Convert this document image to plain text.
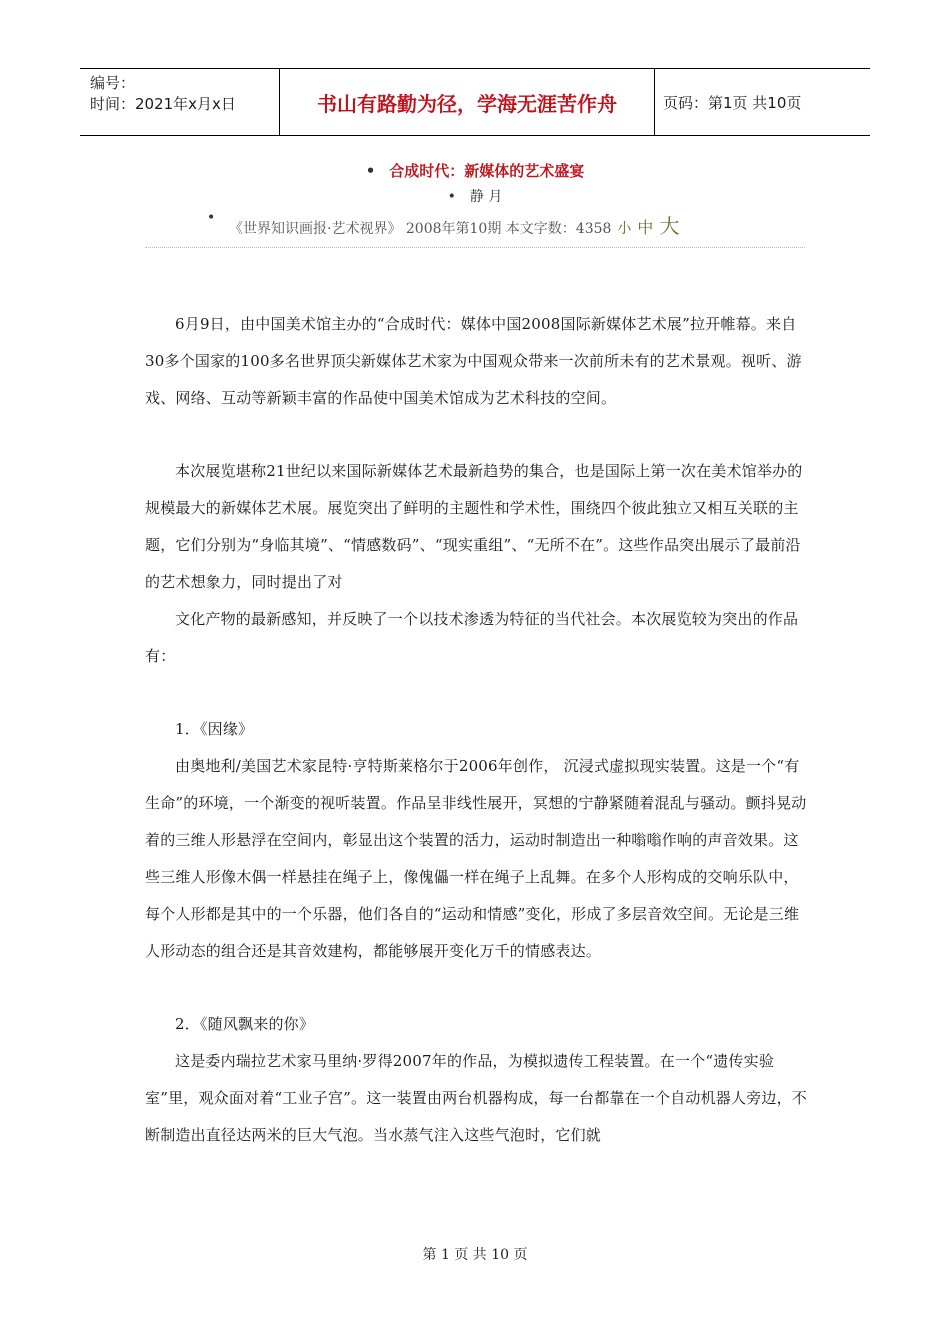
编号：
时间：2021年x月x日	书山有路勤为径，学海无涯苦作舟	页码：第1页 共10页
• 合成时代：新媒体的艺术盛宴
• 静 月
•
《世界知识画报·艺术视界》 2008年第10期 本文字数：4358 小 中 大

6月9日，由中国美术馆主办的“合成时代：媒体中国2008国际新媒体艺术展”拉开帷幕。来自30多个国家的100多名世界顶尖新媒体艺术家为中国观众带来一次前所未有的艺术景观。视听、游戏、网络、互动等新颖丰富的作品使中国美术馆成为艺术科技的空间。

本次展览堪称21世纪以来国际新媒体艺术最新趋势的集合，也是国际上第一次在美术馆举办的规模最大的新媒体艺术展。展览突出了鲜明的主题性和学术性，围绕四个彼此独立又相互关联的主题，它们分别为“身临其境”、“情感数码”、“现实重组”、“无所不在”。这些作品突出展示了最前沿的艺术想象力，同时提出了对

文化产物的最新感知，并反映了一个以技术渗透为特征的当代社会。本次展览较为突出的作品有：

1．《因缘》

由奥地利/美国艺术家昆特·亨特斯莱格尔于2006年创作， 沉浸式虚拟现实装置。这是一个“有生命”的环境，一个渐变的视听装置。作品呈非线性展开，冥想的宁静紧随着混乱与骚动。颤抖晃动着的三维人形悬浮在空间内，彰显出这个装置的活力，运动时制造出一种嗡嗡作响的声音效果。这些三维人形像木偶一样悬挂在绳子上，像傀儡一样在绳子上乱舞。在多个人形构成的交响乐队中，每个人形都是其中的一个乐器，他们各自的“运动和情感”变化，形成了多层音效空间。无论是三维人形动态的组合还是其音效建构，都能够展开变化万千的情感表达。

2．《随风飘来的你》

这是委内瑞拉艺术家马里纳·罗得2007年的作品，为模拟遗传工程装置。在一个“遗传实验室”里，观众面对着“工业子宫”。这一装置由两台机器构成，每一台都靠在一个自动机器人旁边，不断制造出直径达两米的巨大气泡。当水蒸气注入这些气泡时，它们就

第 1 页 共 10 页
